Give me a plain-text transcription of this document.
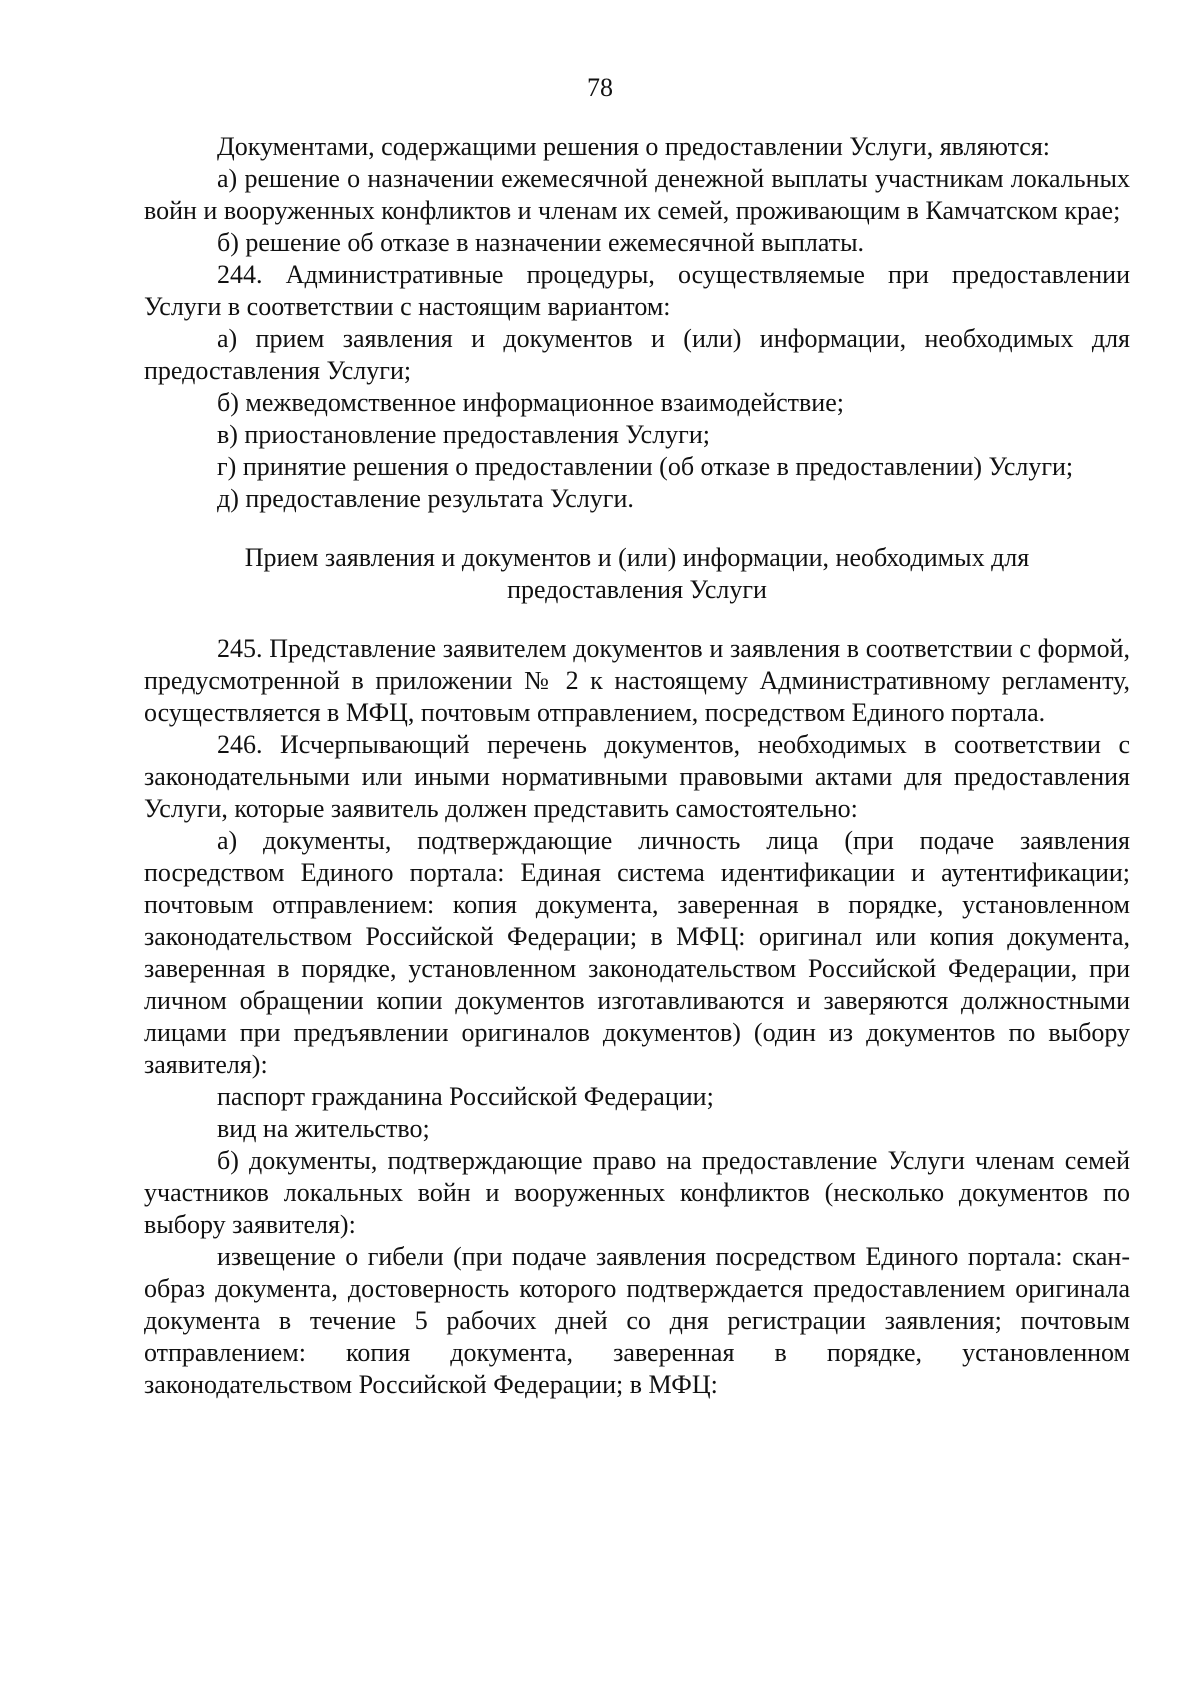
78

Документами, содержащими решения о предоставлении Услуги, являются:

а) решение о назначении ежемесячной денежной выплаты участникам локальных войн и вооруженных конфликтов и членам их семей, проживающим в Камчатском крае;

б) решение об отказе в назначении ежемесячной выплаты.

244. Административные процедуры, осуществляемые при предоставлении Услуги в соответствии с настоящим вариантом:

а) прием заявления и документов и (или) информации, необходимых для предоставления Услуги;

б) межведомственное информационное взаимодействие;

в) приостановление предоставления Услуги;

г) принятие решения о предоставлении (об отказе в предоставлении) Услуги;

д) предоставление результата Услуги.

Прием заявления и документов и (или) информации, необходимых для
предоставления Услуги

245. Представление заявителем документов и заявления в соответствии с формой, предусмотренной в приложении № 2 к настоящему Административному регламенту, осуществляется в МФЦ, почтовым отправлением, посредством Единого портала.

246. Исчерпывающий перечень документов, необходимых в соответствии с законодательными или иными нормативными правовыми актами для предоставления Услуги, которые заявитель должен представить самостоятельно:

а) документы, подтверждающие личность лица (при подаче заявления посредством Единого портала: Единая система идентификации и аутентификации; почтовым отправлением: копия документа, заверенная в порядке, установленном законодательством Российской Федерации; в МФЦ: оригинал или копия документа, заверенная в порядке, установленном законодательством Российской Федерации, при личном обращении копии документов изготавливаются и заверяются должностными лицами при предъявлении оригиналов документов) (один из документов по выбору заявителя):

паспорт гражданина Российской Федерации;

вид на жительство;

б) документы, подтверждающие право на предоставление Услуги членам семей участников локальных войн и вооруженных конфликтов (несколько документов по выбору заявителя):

извещение о гибели (при подаче заявления посредством Единого портала: скан-образ документа, достоверность которого подтверждается предоставлением оригинала документа в течение 5 рабочих дней со дня регистрации заявления; почтовым отправлением: копия документа, заверенная в порядке, установленном законодательством Российской Федерации; в МФЦ:
